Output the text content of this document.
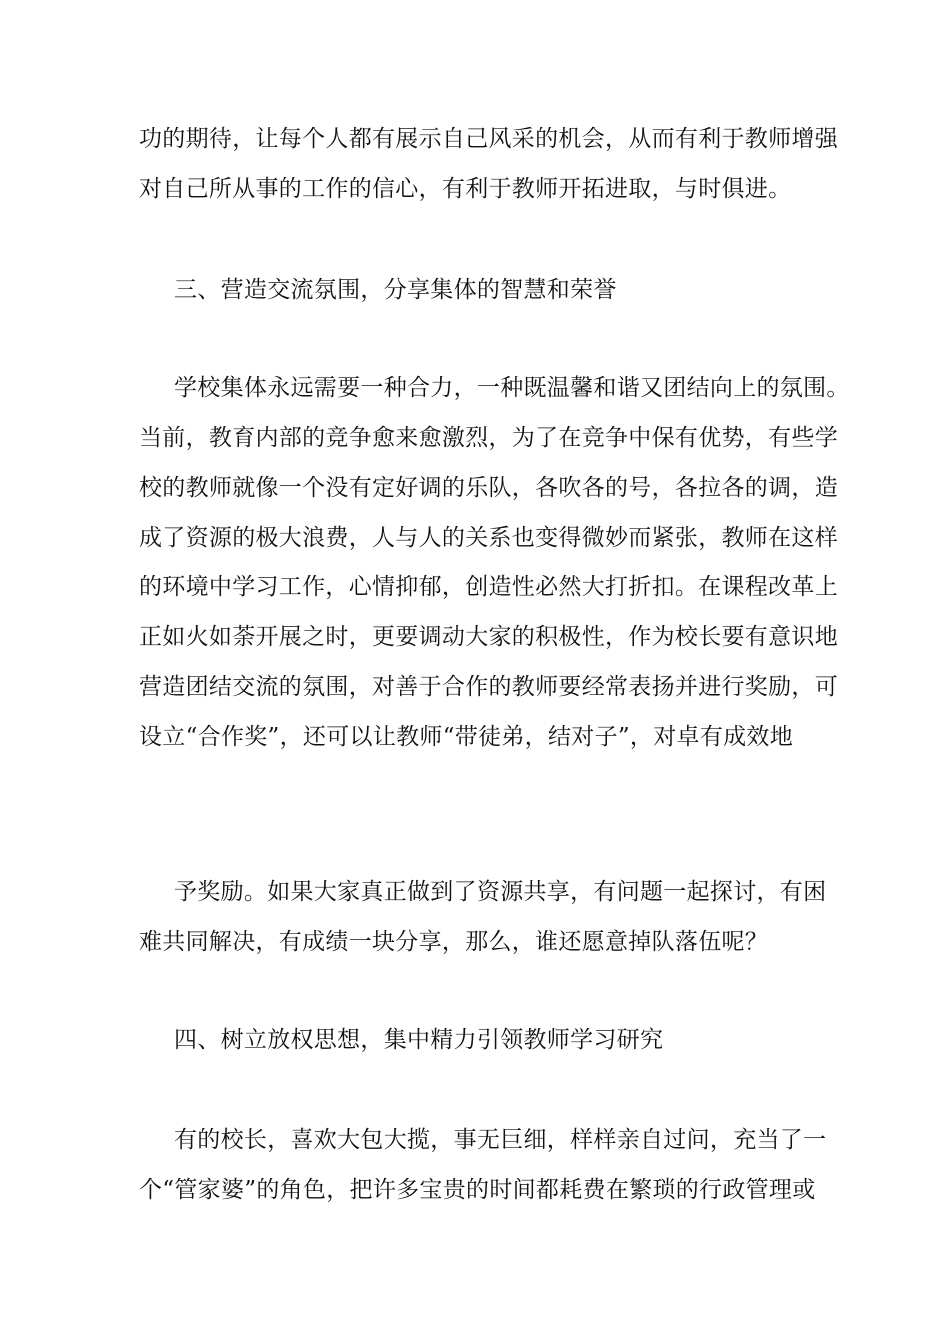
功的期待，让每个人都有展示自己风采的机会，从而有利于教师增强
对自己所从事的工作的信心，有利于教师开拓进取，与时俱进。
三、营造交流氛围，分享集体的智慧和荣誉
学校集体永远需要一种合力，一种既温馨和谐又团结向上的氛围。
当前，教育内部的竞争愈来愈激烈，为了在竞争中保有优势，有些学
校的教师就像一个没有定好调的乐队，各吹各的号，各拉各的调，造
成了资源的极大浪费，人与人的关系也变得微妙而紧张，教师在这样
的环境中学习工作，心情抑郁，创造性必然大打折扣。在课程改革上
正如火如荼开展之时，更要调动大家的积极性，作为校长要有意识地
营造团结交流的氛围，对善于合作的教师要经常表扬并进行奖励，可
设立“合作奖”，还可以让教师“带徒弟，结对子”，对卓有成效地
予奖励。如果大家真正做到了资源共享，有问题一起探讨，有困
难共同解决，有成绩一块分享，那么，谁还愿意掉队落伍呢？
四、树立放权思想，集中精力引领教师学习研究
有的校长，喜欢大包大揽，事无巨细，样样亲自过问，充当了一
个“管家婆”的角色，把许多宝贵的时间都耗费在繁琐的行政管理或
